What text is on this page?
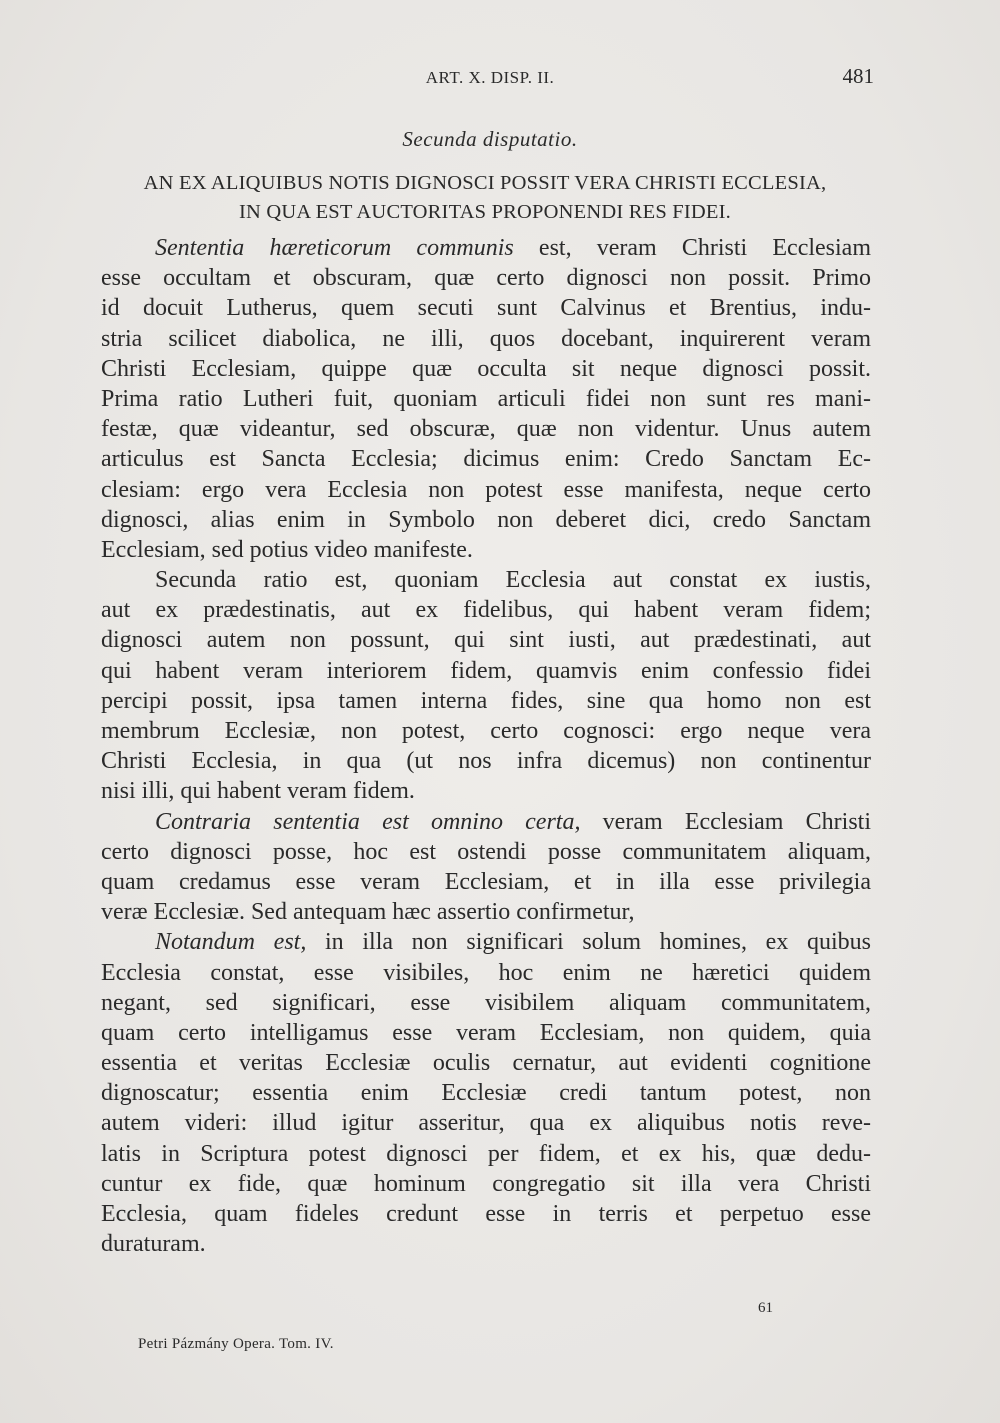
ART. X. DISP. II.	481
Secunda disputatio.
AN EX ALIQUIBUS NOTIS DIGNOSCI POSSIT VERA CHRISTI ECCLESIA,
IN QUA EST AUCTORITAS PROPONENDI RES FIDEI.
Sententia hæreticorum communis est, veram Christi Ecclesiam
esse occultam et obscuram, quæ certo dignosci non possit. Primo
id docuit Lutherus, quem secuti sunt Calvinus et Brentius, indu-
stria scilicet diabolica, ne illi, quos docebant, inquirerent veram
Christi Ecclesiam, quippe quæ occulta sit neque dignosci possit.
Prima ratio Lutheri fuit, quoniam articuli fidei non sunt res mani-
festæ, quæ videantur, sed obscuræ, quæ non videntur. Unus autem
articulus est Sancta Ecclesia; dicimus enim: Credo Sanctam Ec-
clesiam: ergo vera Ecclesia non potest esse manifesta, neque certo
dignosci, alias enim in Symbolo non deberet dici, credo Sanctam
Ecclesiam, sed potius video manifeste.
Secunda ratio est, quoniam Ecclesia aut constat ex iustis,
aut ex prædestinatis, aut ex fidelibus, qui habent veram fidem;
dignosci autem non possunt, qui sint iusti, aut prædestinati, aut
qui habent veram interiorem fidem, quamvis enim confessio fidei
percipi possit, ipsa tamen interna fides, sine qua homo non est
membrum Ecclesiæ, non potest, certo cognosci: ergo neque vera
Christi Ecclesia, in qua (ut nos infra dicemus) non continentur
nisi illi, qui habent veram fidem.
Contraria sententia est omnino certa, veram Ecclesiam Christi
certo dignosci posse, hoc est ostendi posse communitatem aliquam,
quam credamus esse veram Ecclesiam, et in illa esse privilegia
veræ Ecclesiæ. Sed antequam hæc assertio confirmetur,
Notandum est, in illa non significari solum homines, ex quibus
Ecclesia constat, esse visibiles, hoc enim ne hæretici quidem
negant, sed significari, esse visibilem aliquam communitatem,
quam certo intelligamus esse veram Ecclesiam, non quidem, quia
essentia et veritas Ecclesiæ oculis cernatur, aut evidenti cognitione
dignoscatur; essentia enim Ecclesiæ credi tantum potest, non
autem videri: illud igitur asseritur, qua ex aliquibus notis reve-
latis in Scriptura potest dignosci per fidem, et ex his, quæ dedu-
cuntur ex fide, quæ hominum congregatio sit illa vera Christi
Ecclesia, quam fideles credunt esse in terris et perpetuo esse
duraturam.
61
Petri Pázmány Opera. Tom. IV.
